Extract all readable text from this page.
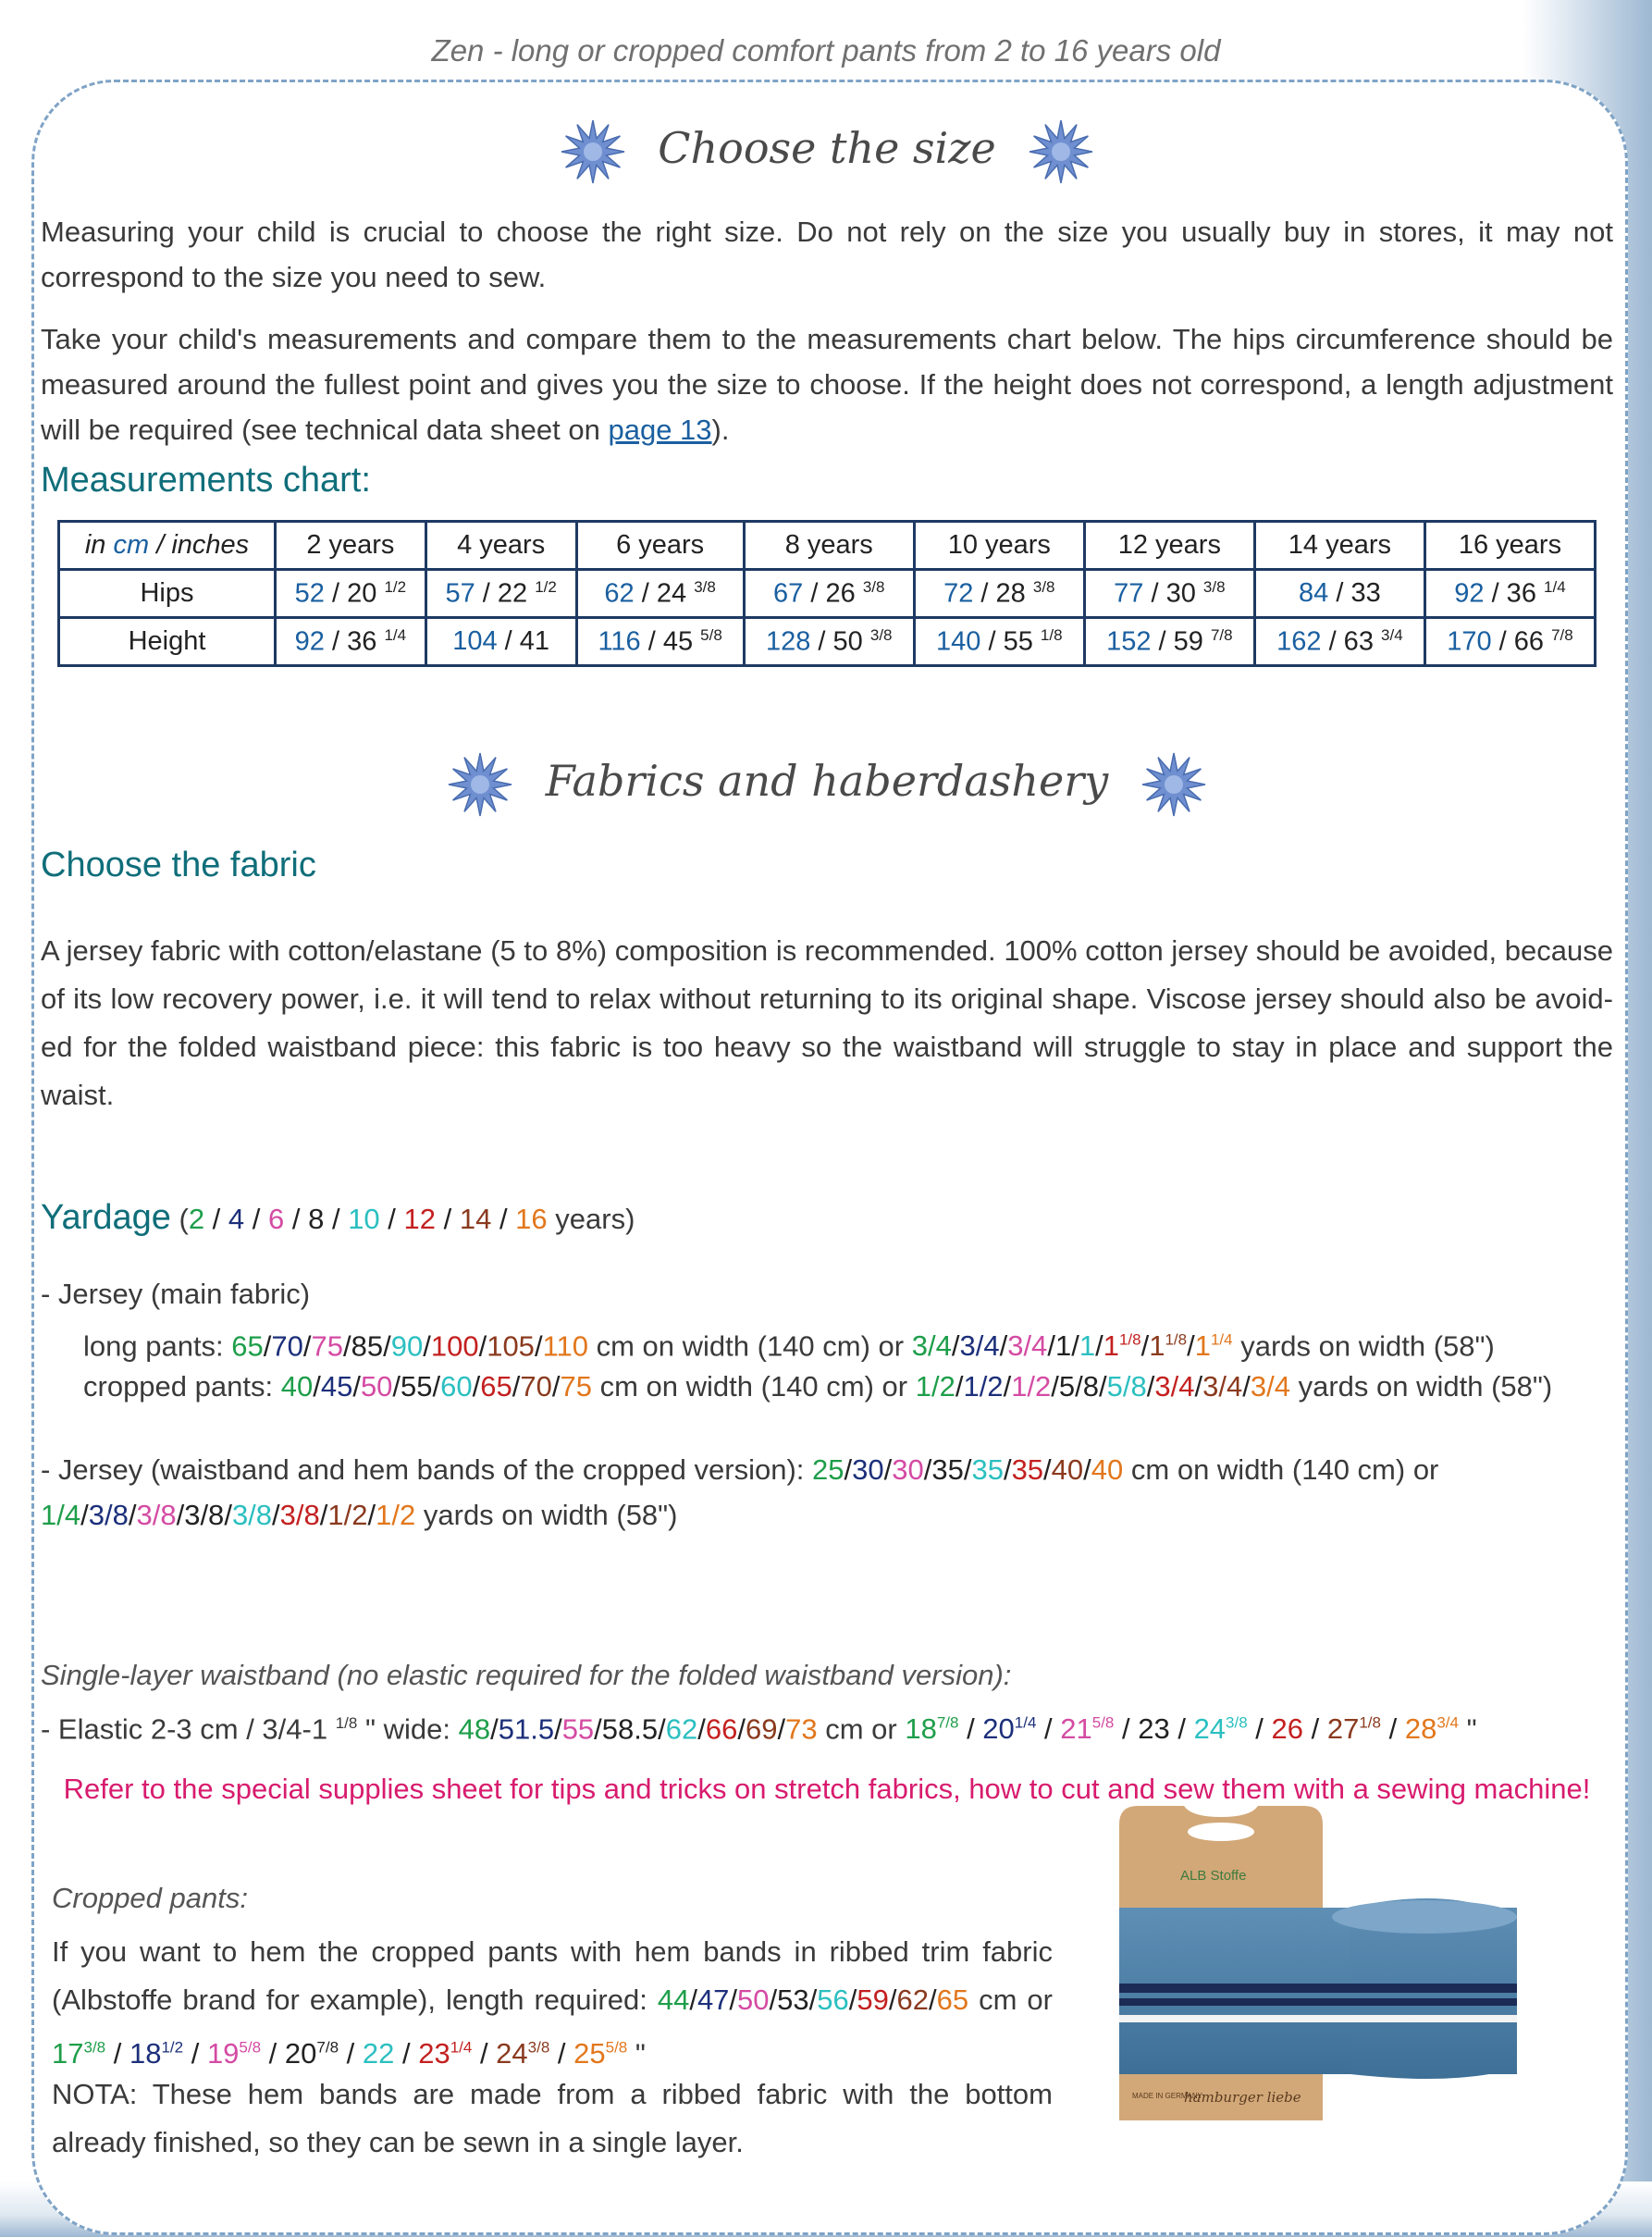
Zen - long or cropped comfort pants from 2 to 16 years old
Choose the size
Measuring your child is crucial to choose the right size. Do not rely on the size you usually buy in stores, it may not correspond to the size you need to sew.
Take your child's measurements and compare them to the measurements chart below. The hips circumference should be measured around the fullest point and gives you the size to choose. If the height does not correspond, a length adjustment will be required (see technical data sheet on page 13).
Measurements chart:
in cm / inches	2 years	4 years	6 years	8 years	10 years	12 years	14 years	16 years
Hips	52 / 20 $^{1/2}$	57 / 22 $^{1/2}$	62 / 24 $^{3/8}$	67 / 26 $^{3/8}$	72 / 28 $^{3/8}$	77 / 30 $^{3/8}$	84 / 33	92 / 36 $^{1/4}$
Height	92 / 36 $^{1/4}$	104 / 41	116 / 45 $^{5/8}$	128 / 50 $^{3/8}$	140 / 55 $^{1/8}$	152 / 59 $^{7/8}$	162 / 63 $^{3/4}$	170 / 66 $^{7/8}$
Fabrics and haberdashery
Choose the fabric
A jersey fabric with cotton/elastane (5 to 8%) composition is recommended. 100% cotton jersey should be avoided, because of its low recovery power, i.e. it will tend to relax without returning to its original shape. Viscose jersey should also be avoid-ed for the folded waistband piece: this fabric is too heavy so the waistband will struggle to stay in place and support the waist.
Yardage (2 / 4 / 6 / 8 / 10 / 12 / 14 / 16 years)
- Jersey (main fabric)
long pants: 65/70/75/85/90/100/105/110 cm on width (140 cm) or $3/4/3/4/3/4/1/1/1^{1/8}/1^{1/8}/1^{1/4}$ yards on width (58")
cropped pants: 40/45/50/55/60/65/70/75 cm on width (140 cm) or 1/2/1/2/1/2/5/8/5/8/3/4/3/4/3/4 yards on width (58")
- Jersey (waistband and hem bands of the cropped version): 25/30/30/35/35/35/40/40 cm on width (140 cm) or 1/4/3/8/3/8/3/8/3/8/3/8/1/2/1/2 yards on width (58")
Single-layer waistband (no elastic required for the folded waistband version):
- Elastic 2-3 cm / 3/4-1 $^{1/8}$ " wide: 48/51.5/55/58.5/62/66/69/73 cm or $18^{7/8} / 20^{1/4} / 21^{5/8} / 23 / 24^{3/8} / 26 / 27^{1/8} / 28^{3/4}$ "
Refer to the special supplies sheet for tips and tricks on stretch fabrics, how to cut and sew them with a sewing machine!
Cropped pants:
If you want to hem the cropped pants with hem bands in ribbed trim fabric (Albstoffe brand for example), length required: 44/47/50/53/56/59/62/65 cm or $17^{3/8} / 18^{1/2} / 19^{5/8} / 20^{7/8} / 22 / 23^{1/4} / 24^{3/8} / 25^{5/8}$ "
NOTA: These hem bands are made from a ribbed fabric with the bottom already finished, so they can be sewn in a single layer.
ALB Stoffe
MADE IN GERMANY
hamburger liebe
